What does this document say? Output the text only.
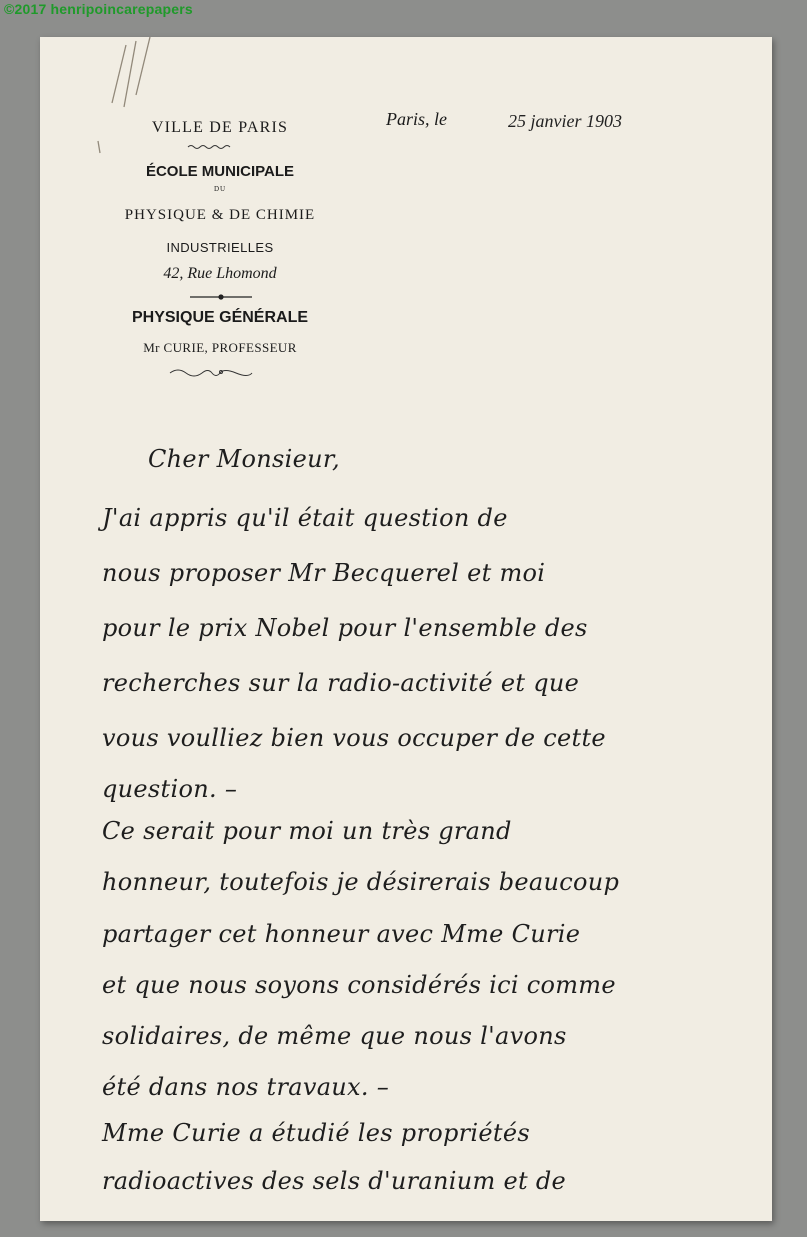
©2017 henripoincarepapers
VILLE DE PARIS
ÉCOLE MUNICIPALE
DU
PHYSIQUE & DE CHIMIE
INDUSTRIELLES
42, Rue Lhomond
PHYSIQUE GÉNÉRALE
Mr CURIE, PROFESSEUR
Paris, le	25 janvier 1903
Cher Monsieur,
J'ai appris qu'il était question de
nous proposer Mr Becquerel et moi
pour le prix Nobel pour l'ensemble des
recherches sur la radio-activité et que
vous voulliez bien vous occuper de cette
question. –
Ce serait pour moi un très grand
honneur, toutefois je désirerais beaucoup
partager cet honneur avec Mme Curie
et que nous soyons considérés ici comme
solidaires, de même que nous l'avons
été dans nos travaux. –
Mme Curie a étudié les propriétés
radioactives des sels d'uranium et de
